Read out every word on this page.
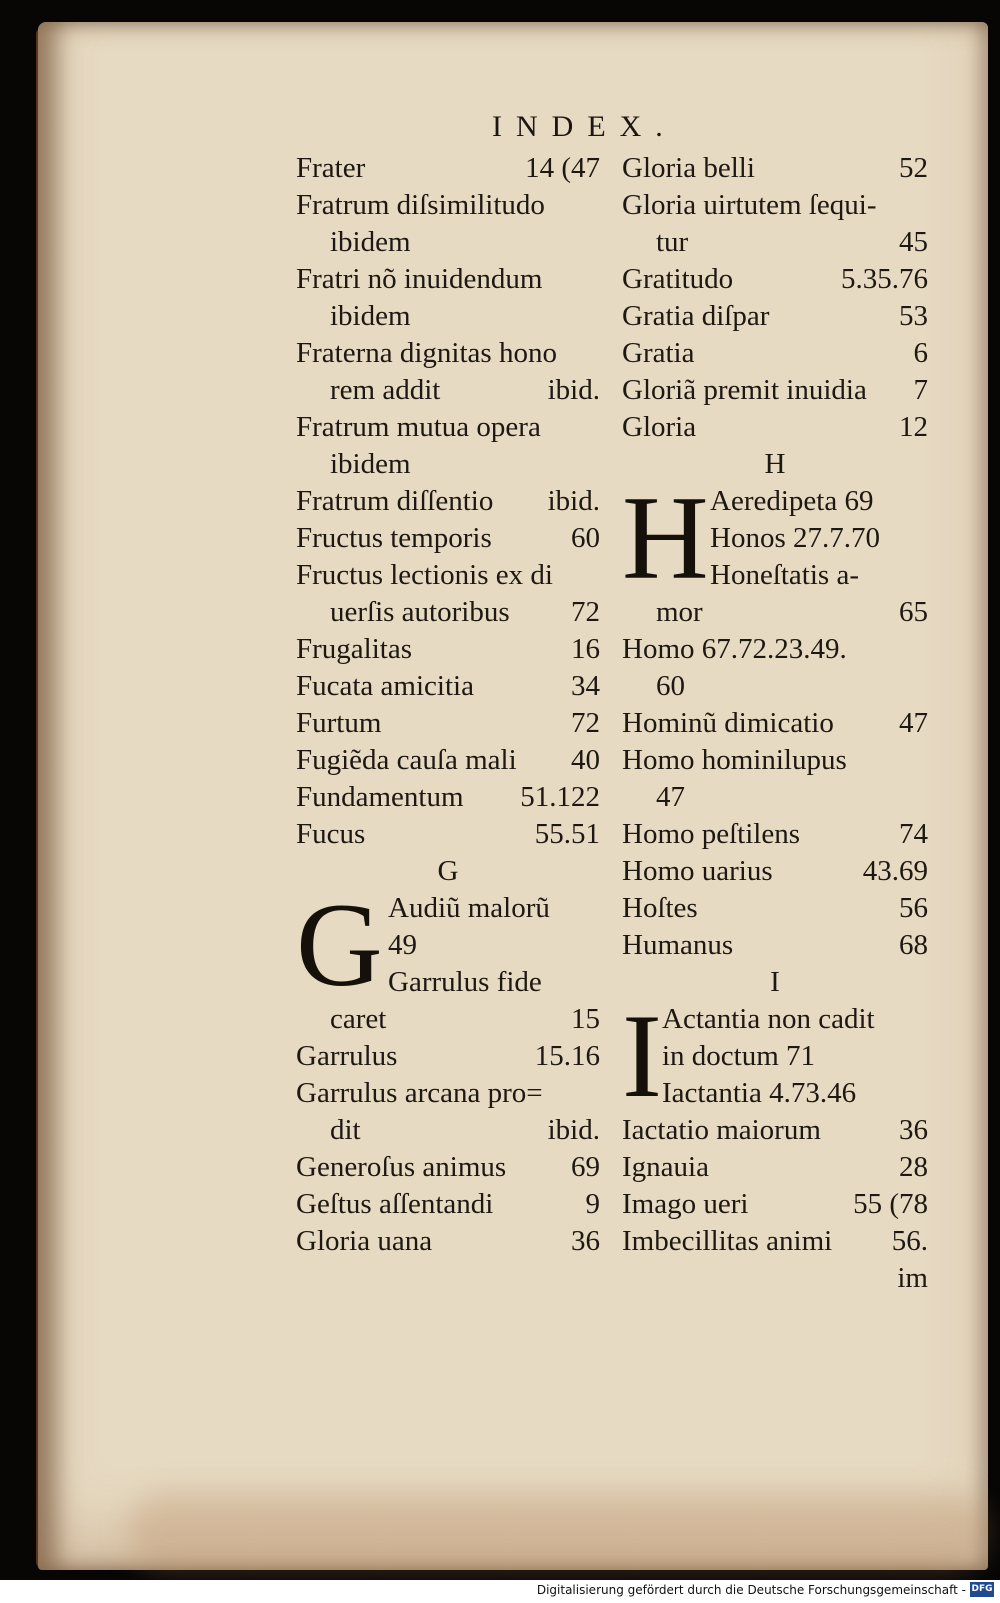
INDEX.
Frater	14 (47
Fratrum diſsimilitudo
ibidem
Fratri nõ inuidendum
ibidem
Fraterna dignitas hono
rem addit	ibid.
Fratrum mutua opera
ibidem
Fratrum diſſentio ibid.
Fructus temporis	60
Fructus lectionis ex di
uerſis autoribus 72
Frugalitas	16
Fucata amicitia	34
Furtum	72
Fugiẽda cauſa mali 40
Fundamentum 51.122
Fucus	55.51
G
G Audiũ malorũ
49
Garrulus fide
caret	15
Garrulus	15.16
Garrulus arcana pro=
dit	ibid.
Generoſus animus 69
Geſtus aſſentandi	9
Gloria uana	36
Gloria belli	52
Gloria uirtutem ſequi-
tur	45
Gratitudo	5.35.76
Gratia diſpar	53
Gratia	6
Gloriã premit inuidia 7
Gloria	12
H
H Aeredipeta 69
Honos 27.7.70
Honeſtatis a-
mor	65
Homo 67.72.23.49.
60
Hominũ dimicatio 47
Homo hominilupus
47
Homo peſtilens	74
Homo uarius	43.69
Hoſtes	56
Humanus	68
I
I Actantia non cadit
in doctum 71
Iactantia 4.73.46
Iactatio maiorum	36
Ignauia	28
Imago ueri	55 (78
Imbecillitas animi 56.
im
Digitalisierung gefördert durch die Deutsche Forschungsgemeinschaft - DFG
